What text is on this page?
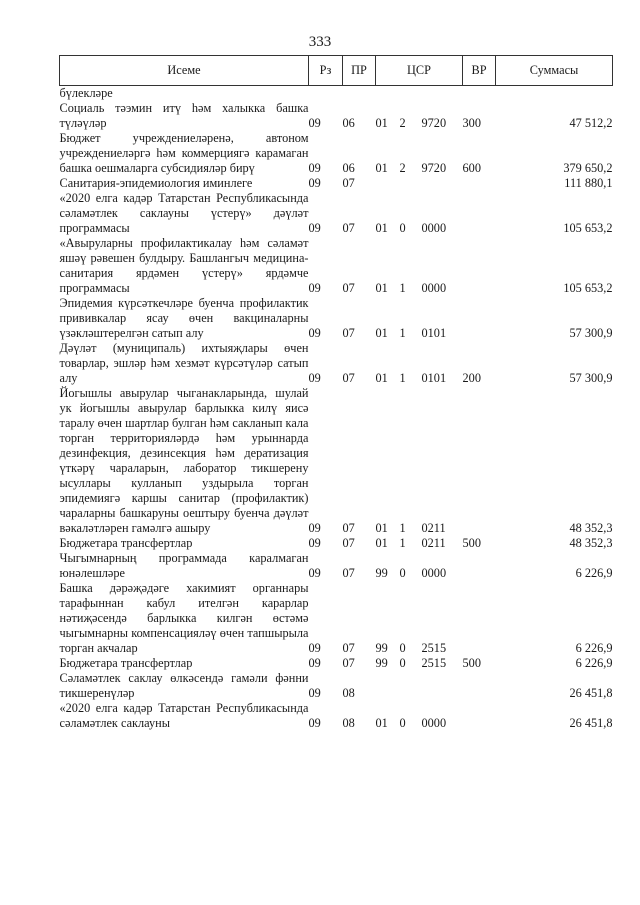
333
Исеме	Рз	ПР	ЦСР			ВР	Суммасы
бүлекләре							
Социаль тәэмин итү һәм халыкка башка түләүләр	09	06	01	2	9720	300	47 512,2
Бюджет учреждениеләренә, автоном учреждениеләргә һәм коммерциягә карамаган башка оешмаларга субсидияләр бирү	09	06	01	2	9720	600	379 650,2
Санитария-эпидемиология иминлеге	09	07					111 880,1
«2020 елга кадәр Татарстан Республикасында сәламәтлек саклауны үстерү» дәүләт программасы	09	07	01	0	0000		105 653,2
«Авыруларны профилактикалау һәм сәламәт яшәү рәвешен булдыру. Башлангыч медицина-санитария ярдәмен үстерү» ярдәмче программасы	09	07	01	1	0000		105 653,2
Эпидемия күрсәткечләре буенча профилактик прививкалар ясау өчен вакциналарны үзәкләштерелгән сатып алу	09	07	01	1	0101		57 300,9
Дәүләт (муниципаль) ихтыяҗлары өчен товарлар, эшләр һәм хезмәт күрсәтүләр сатып алу	09	07	01	1	0101	200	57 300,9
Йогышлы авырулар чыганакларында, шулай ук йогышлы авырулар барлыкка килү яисә таралу өчен шартлар булган һәм сакланып кала торган территорияләрдә һәм урыннарда дезинфекция, дезинсекция һәм дератизация үткәрү чараларын, лаборатор тикшерену ысуллары кулланып уздырыла торган эпидемиягә каршы санитар (профилактик) чараларны башкаруны оештыру буенча дәүләт вәкаләтләрен гамәлгә ашыру	09	07	01	1	0211		48 352,3
Бюджетара трансфертлар	09	07	01	1	0211	500	48 352,3
Чыгымнарның программада каралмаган юнәлешләре	09	07	99	0	0000		6 226,9
Башка дәрәҗәдәге хакимият органнары тарафыннан кабул ителгән карарлар нәтиҗәсендә барлыкка килгән өстәмә чыгымнарны компенсацияләү өчен тапшырыла торган акчалар	09	07	99	0	2515		6 226,9
Бюджетара трансфертлар	09	07	99	0	2515	500	6 226,9
Сәламәтлек саклау өлкәсендә гамәли фәнни тикшеренүләр	09	08					26 451,8
«2020 елга кадәр Татарстан Республикасында сәламәтлек саклауны	09	08	01	0	0000		26 451,8
